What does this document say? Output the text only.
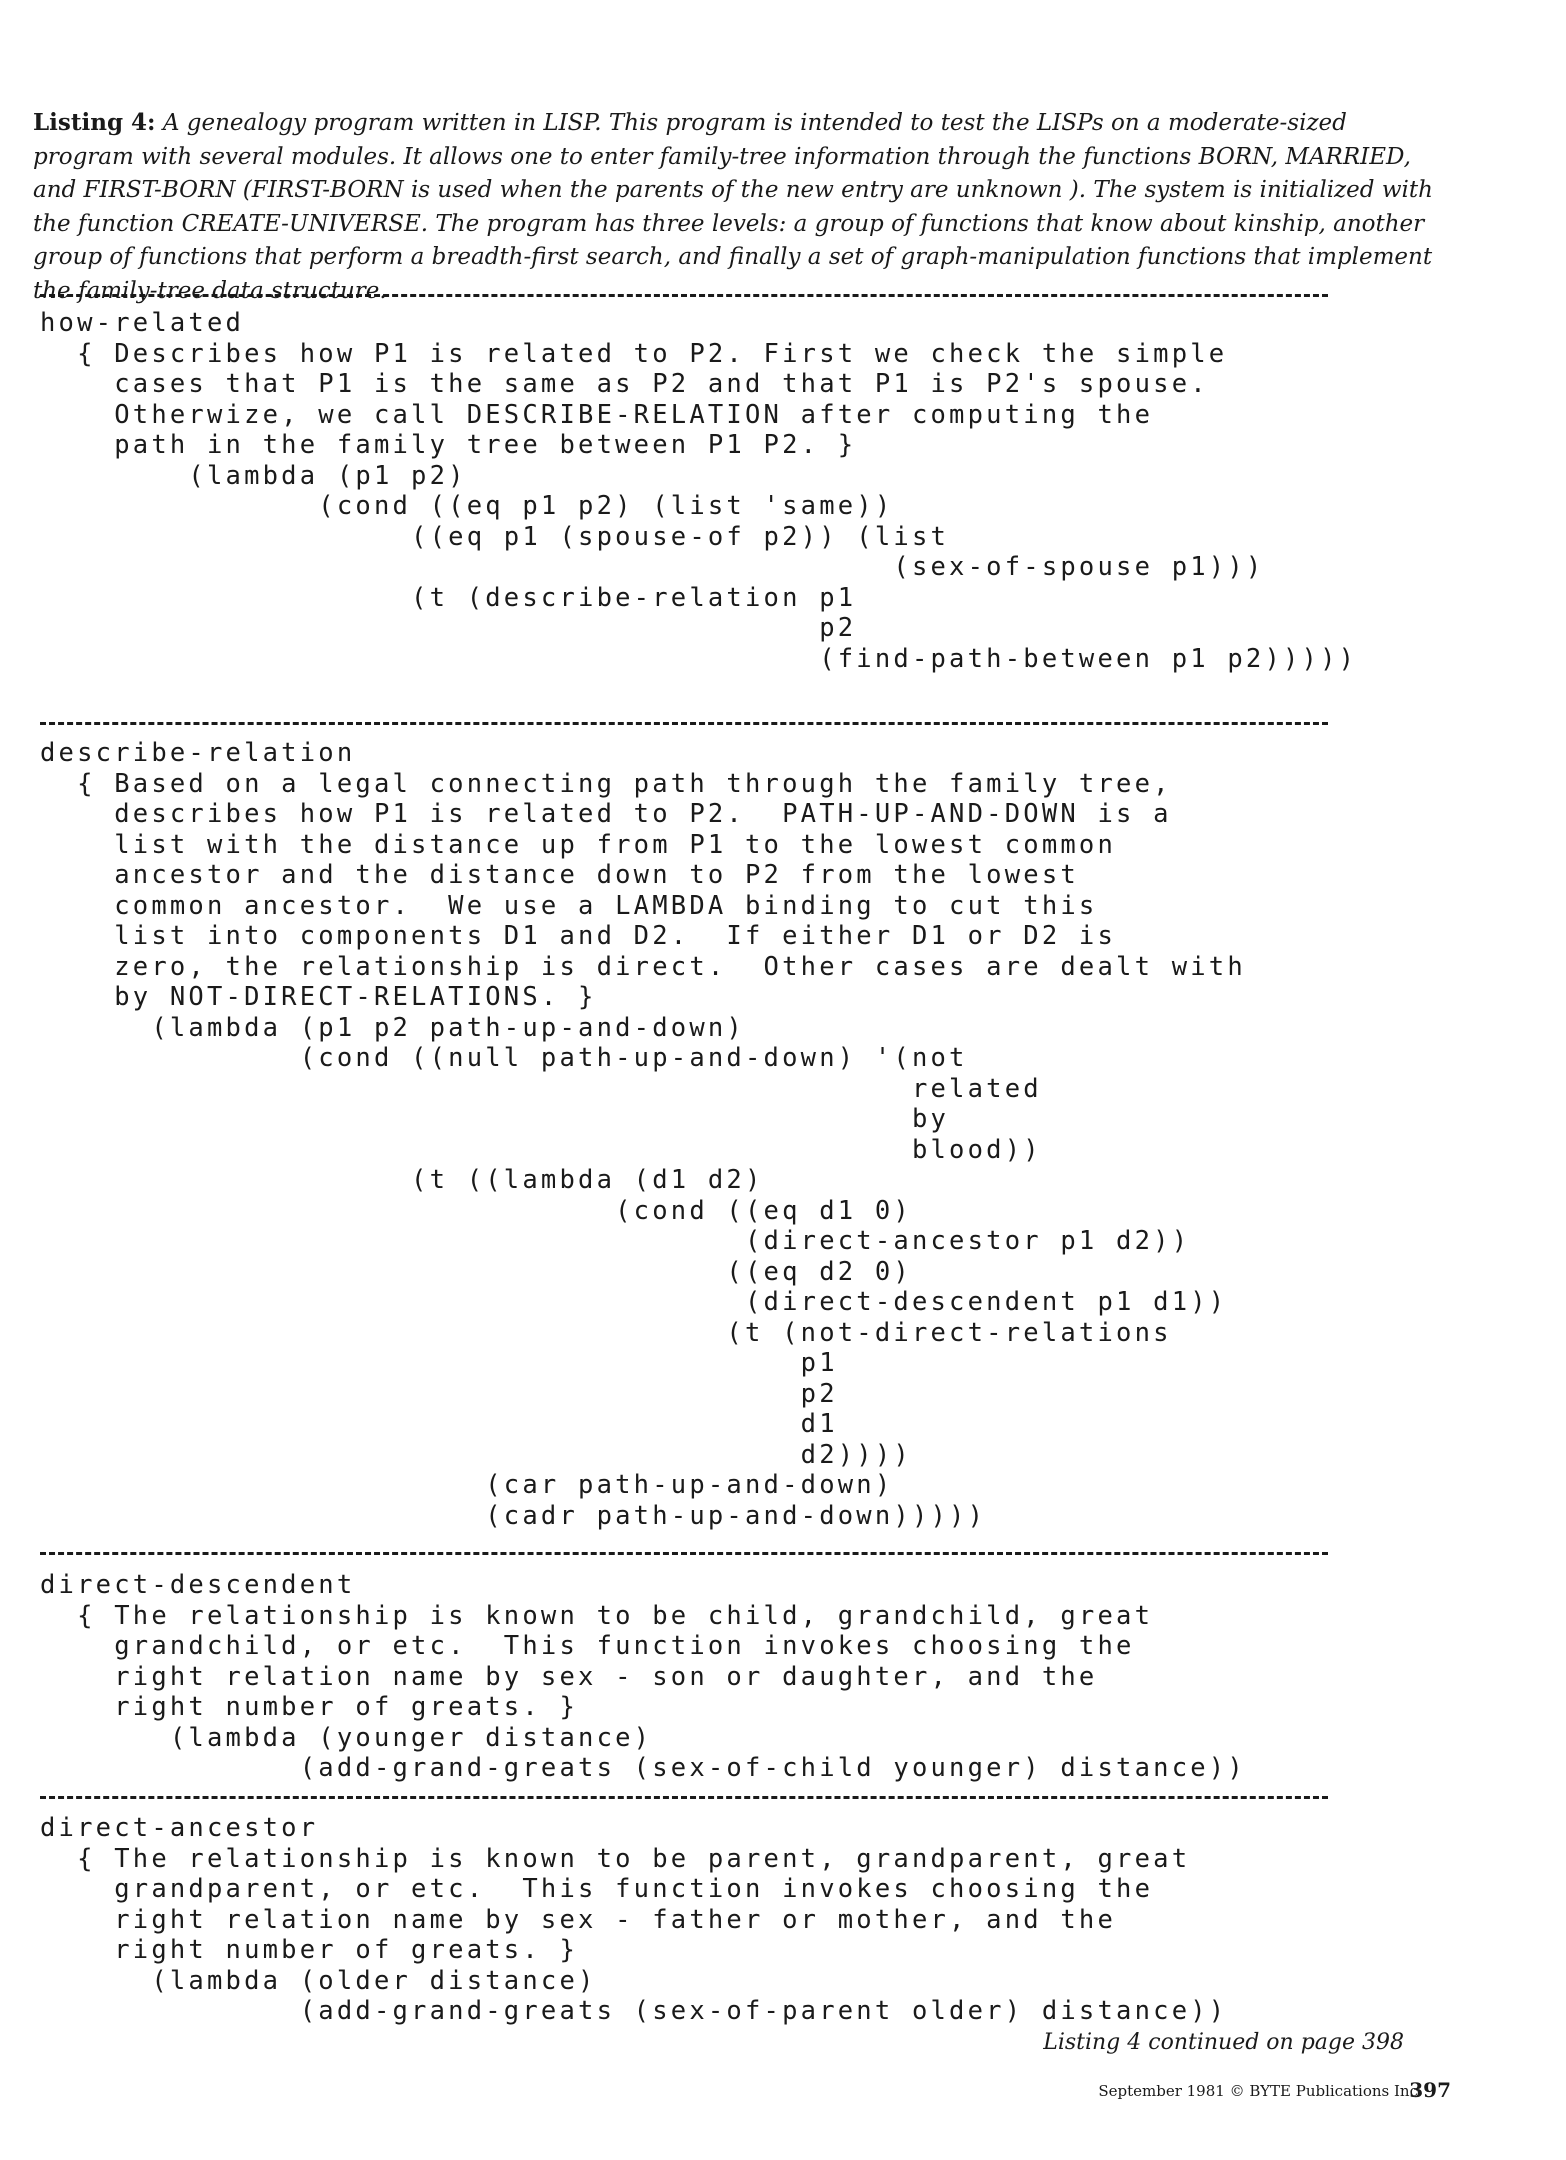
Listing 4: A genealogy program written in LISP. This program is intended to test the LISPs on a moderate-sized program with several modules. It allows one to enter family-tree information through the functions BORN, MARRIED, and FIRST-BORN (FIRST-BORN is used when the parents of the new entry are unknown ). The system is initialized with the function CREATE-UNIVERSE. The program has three levels: a group of functions that know about kinship, another group of functions that perform a breadth-first search, and finally a set of graph-manipulation functions that implement the family-tree data structure.

how-related
{ Describes how P1 is related to P2. First we check the simple
cases that P1 is the same as P2 and that P1 is P2's spouse.
Otherwize, we call DESCRIBE-RELATION after computing the
path in the family tree between P1 P2. }
(lambda (p1 p2)
(cond ((eq p1 p2) (list 'same))
((eq p1 (spouse-of p2)) (list
(sex-of-spouse p1)))
(t (describe-relation p1
p2
(find-path-between p1 p2)))))
describe-relation
{ Based on a legal connecting path through the family tree,
describes how P1 is related to P2.  PATH-UP-AND-DOWN is a
list with the distance up from P1 to the lowest common
ancestor and the distance down to P2 from the lowest
common ancestor.  We use a LAMBDA binding to cut this
list into components D1 and D2.  If either D1 or D2 is
zero, the relationship is direct.  Other cases are dealt with
by NOT-DIRECT-RELATIONS. }
(lambda (p1 p2 path-up-and-down)
(cond ((null path-up-and-down) '(not
related
by
blood))
(t ((lambda (d1 d2)
(cond ((eq d1 0)
(direct-ancestor p1 d2))
((eq d2 0)
(direct-descendent p1 d1))
(t (not-direct-relations
p1
p2
d1
d2))))
(car path-up-and-down)
(cadr path-up-and-down)))))
direct-descendent
{ The relationship is known to be child, grandchild, great
grandchild, or etc.  This function invokes choosing the
right relation name by sex - son or daughter, and the
right number of greats. }
(lambda (younger distance)
(add-grand-greats (sex-of-child younger) distance))
direct-ancestor
{ The relationship is known to be parent, grandparent, great
grandparent, or etc.  This function invokes choosing the
right relation name by sex - father or mother, and the
right number of greats. }
(lambda (older distance)
(add-grand-greats (sex-of-parent older) distance))

Listing 4 continued on page 398

September 1981 © BYTE Publications Inc

397
